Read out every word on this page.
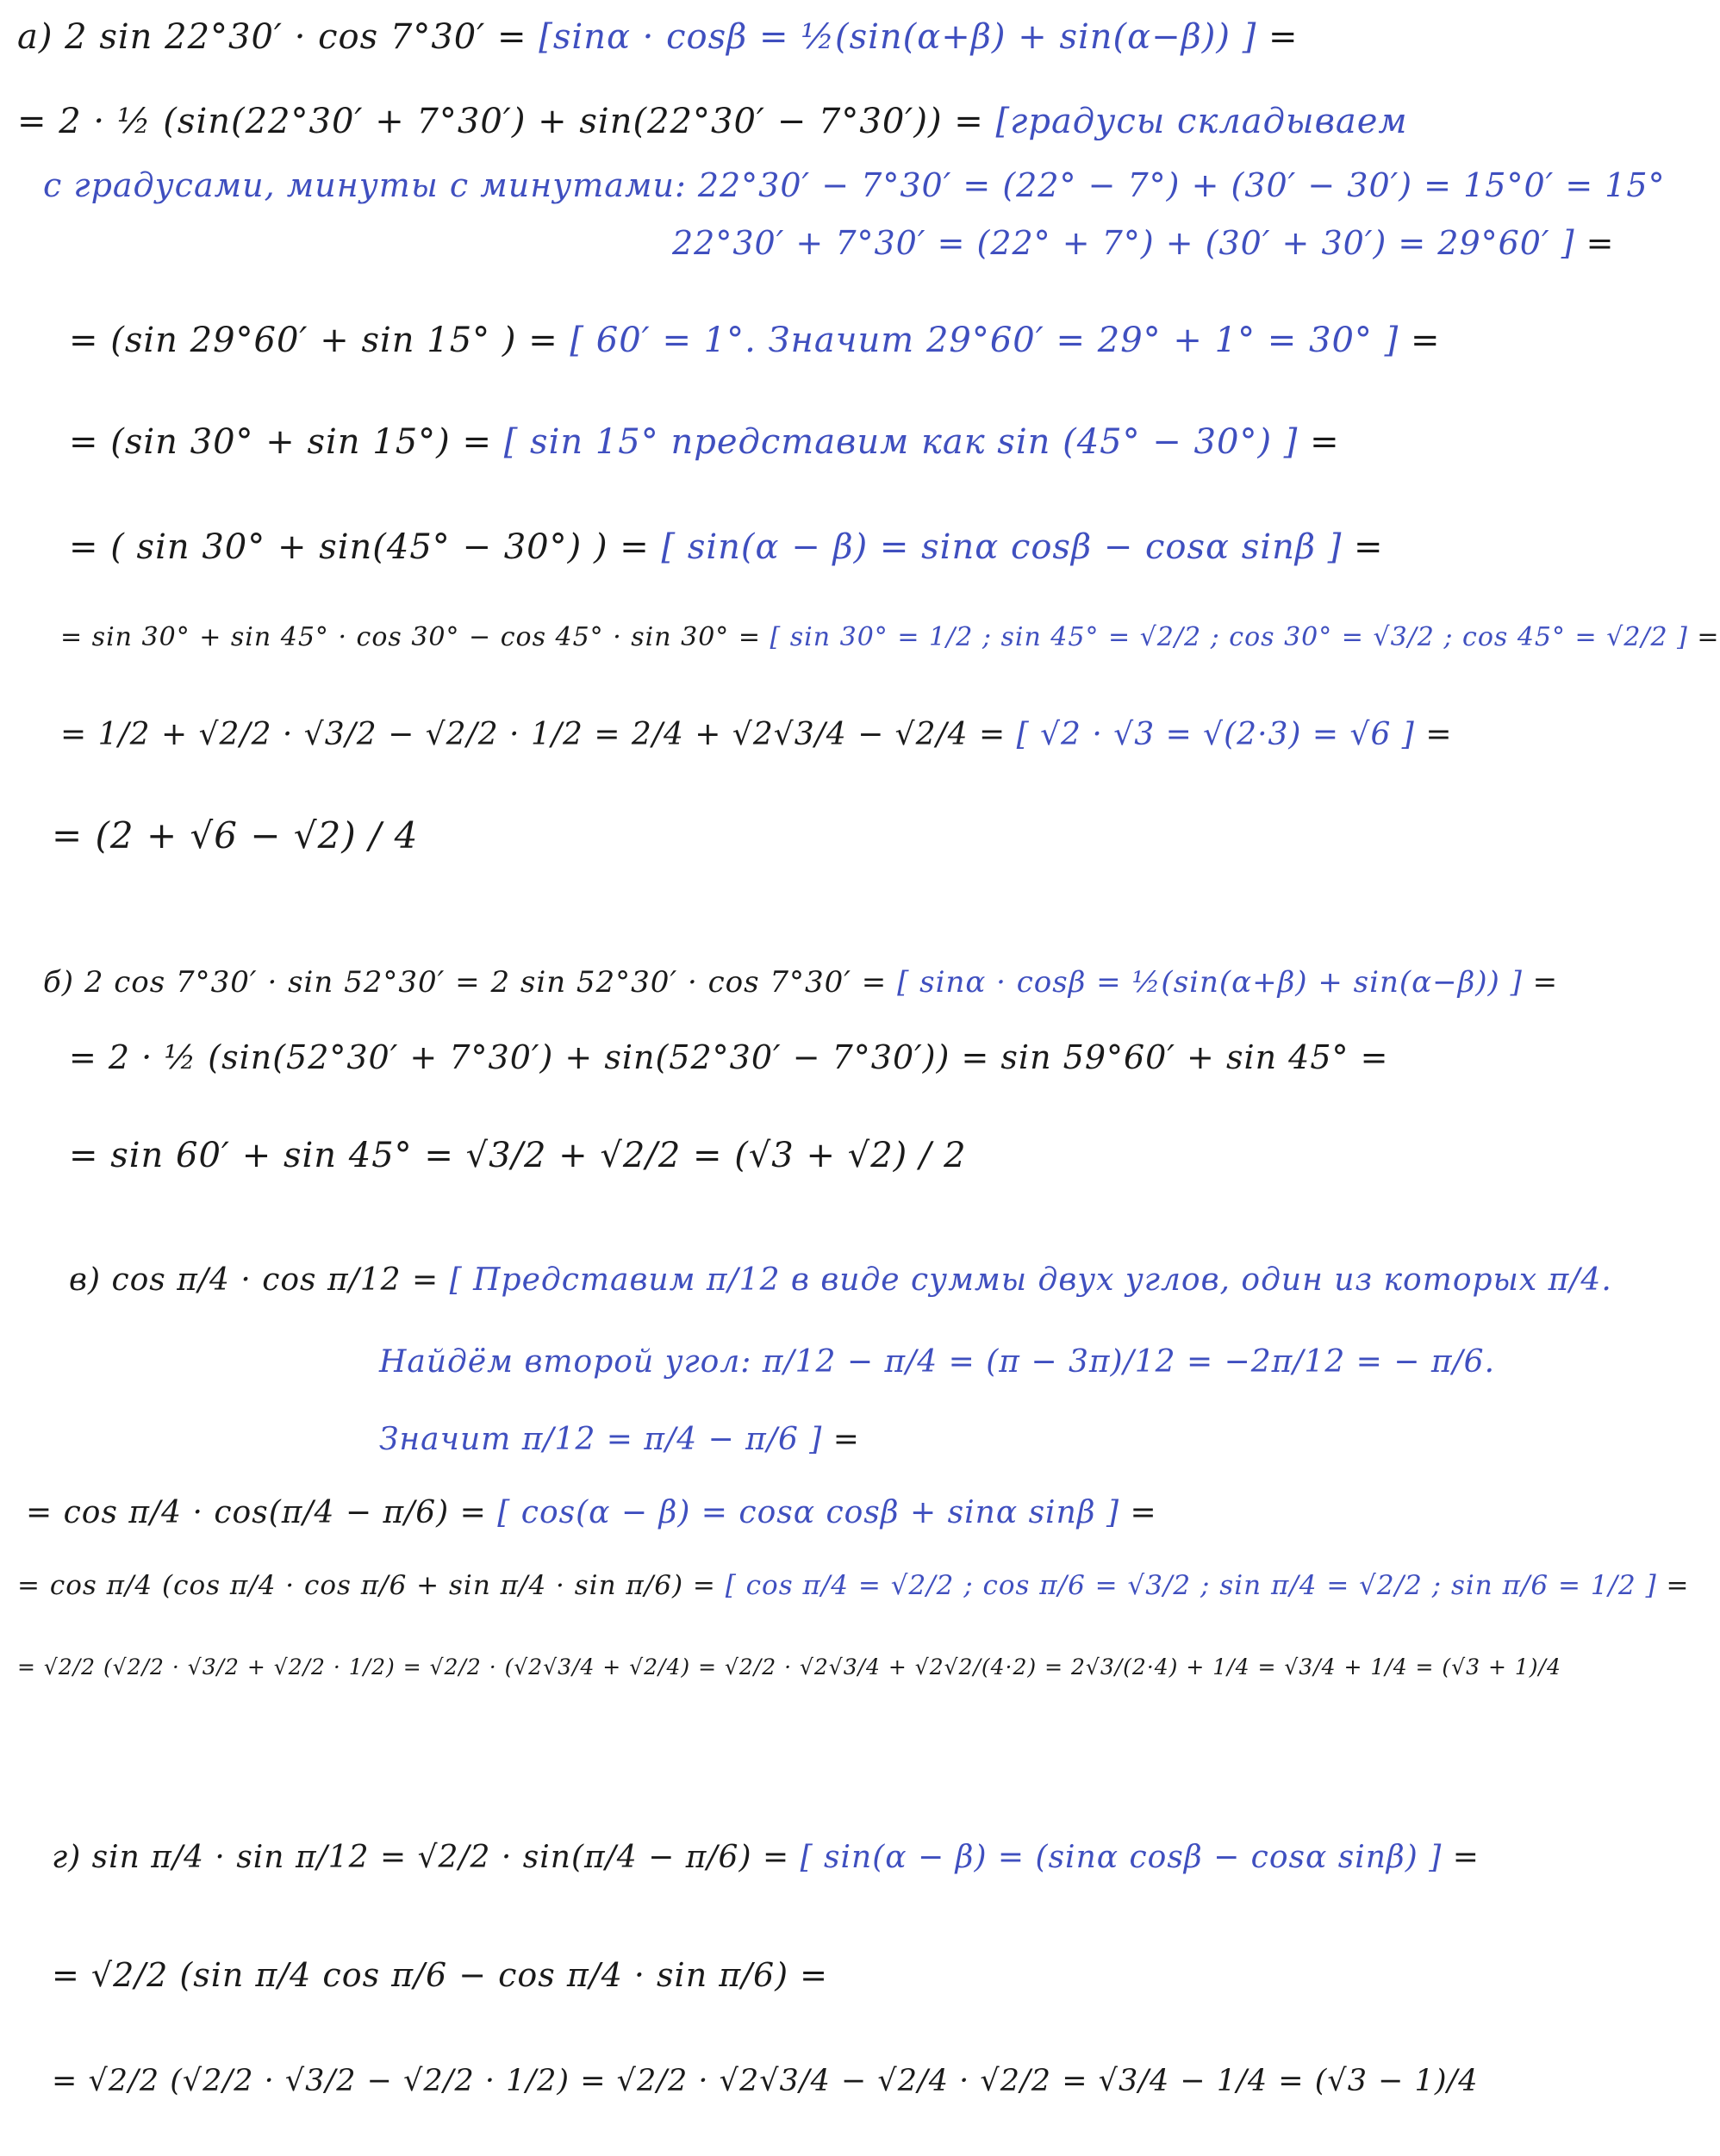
а) 2 sin 22°30′ · cos 7°30′ = [sinα · cosβ = ½(sin(α+β) + sin(α−β)) ] =
= 2 · ½ (sin(22°30′ + 7°30′) + sin(22°30′ − 7°30′)) = [градусы складываем
с градусами, минуты с минутами: 22°30′ − 7°30′ = (22° − 7°) + (30′ − 30′) = 15°0′ = 15°
22°30′ + 7°30′ = (22° + 7°) + (30′ + 30′) = 29°60′ ] =
= (sin 29°60′ + sin 15° ) = [ 60′ = 1°. Значит 29°60′ = 29° + 1° = 30° ] =
= (sin 30° + sin 15°) = [ sin 15° представим как sin (45° − 30°) ] =
= ( sin 30° + sin(45° − 30°) ) = [ sin(α − β) = sinα cosβ − cosα sinβ ] =
= sin 30° + sin 45° · cos 30° − cos 45° · sin 30° = [ sin 30° = 1/2 ; sin 45° = √2/2 ; cos 30° = √3/2 ; cos 45° = √2/2 ] =
= 1/2 + √2/2 · √3/2 − √2/2 · 1/2 = 2/4 + √2√3/4 − √2/4 = [ √2 · √3 = √(2·3) = √6 ] =
= (2 + √6 − √2) / 4
б) 2 cos 7°30′ · sin 52°30′ = 2 sin 52°30′ · cos 7°30′ = [ sinα · cosβ = ½(sin(α+β) + sin(α−β)) ] =
= 2 · ½ (sin(52°30′ + 7°30′) + sin(52°30′ − 7°30′)) = sin 59°60′ + sin 45° =
= sin 60′ + sin 45° = √3/2 + √2/2 = (√3 + √2) / 2
в) cos π/4 · cos π/12 = [ Представим π/12 в виде суммы двух углов, один из которых π/4.
Найдём второй угол: π/12 − π/4 = (π − 3π)/12 = −2π/12 = − π/6.
Значит π/12 = π/4 − π/6 ] =
= cos π/4 · cos(π/4 − π/6) = [ cos(α − β) = cosα cosβ + sinα sinβ ] =
= cos π/4 (cos π/4 · cos π/6 + sin π/4 · sin π/6) = [ cos π/4 = √2/2 ; cos π/6 = √3/2 ; sin π/4 = √2/2 ; sin π/6 = 1/2 ] =
= √2/2 (√2/2 · √3/2 + √2/2 · 1/2) = √2/2 · (√2√3/4 + √2/4) = √2/2 · √2√3/4 + √2√2/(4·2) = 2√3/(2·4) + 1/4 = √3/4 + 1/4 = (√3 + 1)/4
г) sin π/4 · sin π/12 = √2/2 · sin(π/4 − π/6) = [ sin(α − β) = (sinα cosβ − cosα sinβ) ] =
= √2/2 (sin π/4 cos π/6 − cos π/4 · sin π/6) =
= √2/2 (√2/2 · √3/2 − √2/2 · 1/2) = √2/2 · √2√3/4 − √2/4 · √2/2 = √3/4 − 1/4 = (√3 − 1)/4
